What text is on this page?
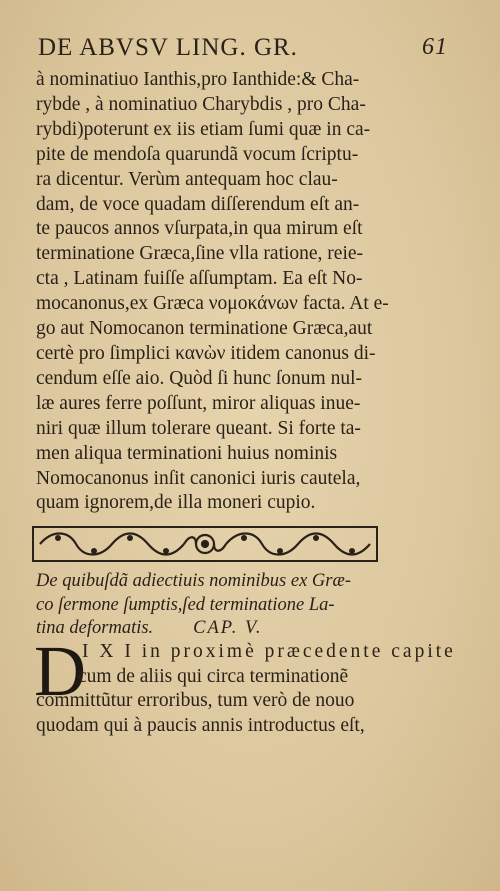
DE ABVSV LING. GR.	61
à nominatiuo Ianthis,pro Ianthide:& Cha-
rybde , à nominatiuo Charybdis , pro Cha-
rybdi)poterunt ex iis etiam ſumi quæ in ca-
pite de mendoſa quarundã vocum ſcriptu-
ra dicentur. Verùm antequam hoc clau-
dam, de voce quadam diſſerendum eſt an-
te paucos annos vſurpata,in qua mirum eſt
terminatione Græca,ſine vlla ratione, reie-
cta , Latinam fuiſſe aſſumptam. Ea eſt No-
mocanonus,ex Græca νομοκάνων facta. At e-
go aut Nomocanon terminatione Græca,aut
certè pro ſimplici κανὼν itidem canonus di-
cendum eſſe aio. Quòd ſi hunc ſonum nul-
læ aures ferre poſſunt, miror aliquas inue-
niri quæ illum tolerare queant. Si forte ta-
men aliqua terminationi huius nominis
Nomocanonus inſit canonici iuris cautela,
quam ignorem,de illa moneri cupio.
De quibuſdã adiectiuis nominibus ex Græ-
co ſermone ſumptis,ſed terminatione La-
tina deformatis. CAP. V.
D
I X I in proximè præcedente capite
cum de aliis qui circa terminationẽ
committũtur erroribus, tum verò de nouo
quodam qui à paucis annis introductus eſt,
